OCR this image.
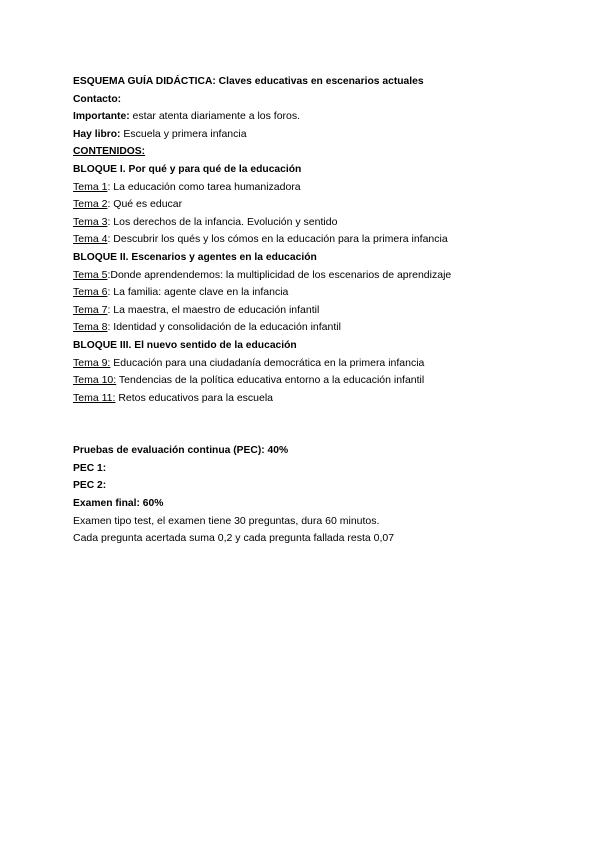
ESQUEMA GUÍA DIDÁCTICA: Claves educativas en escenarios actuales
Contacto:
Importante: estar atenta diariamente a los foros.
Hay libro: Escuela y primera infancia
CONTENIDOS:
BLOQUE I. Por qué y para qué de la educación
Tema 1: La educación como tarea humanizadora
Tema 2: Qué es educar
Tema 3: Los derechos de la infancia. Evolución y sentido
Tema 4: Descubrir los qués y los cómos en la educación para la primera infancia
BLOQUE II. Escenarios y agentes en la educación
Tema 5:Donde aprendendemos: la multiplicidad de los escenarios de aprendizaje
Tema 6: La familia: agente clave en la infancia
Tema 7: La maestra, el maestro de educación infantil
Tema 8: Identidad y consolidación de la educación infantil
BLOQUE III. El nuevo sentido de la educación
Tema 9: Educación para una ciudadanía democrática en la primera infancia
Tema 10: Tendencias de la política educativa entorno a la educación infantil
Tema 11: Retos educativos para la escuela
Pruebas de evaluación continua (PEC): 40%
PEC 1:
PEC 2:
Examen final: 60%
Examen tipo test, el examen tiene 30 preguntas, dura 60 minutos.
Cada pregunta acertada suma 0,2 y cada pregunta fallada resta 0,07
